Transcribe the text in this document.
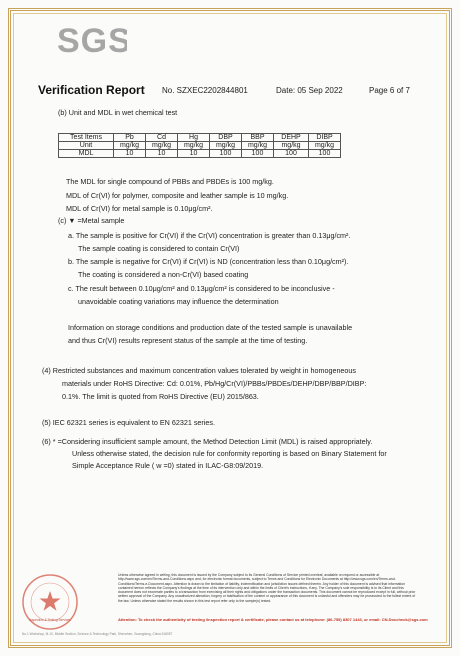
SGS
Verification Report No. SZXEC2202844801	Date: 05 Sep 2022	Page 6 of 7
(b) Unit and MDL in wet chemical test
Test Items	Pb	Cd	Hg	DBP	BBP	DEHP	DIBP
Unit	mg/kg	mg/kg	mg/kg	mg/kg	mg/kg	mg/kg	mg/kg
MDL	10	10	10	100	100	100	100
The MDL for single compound of PBBs and PBDEs is 100 mg/kg.
MDL of Cr(VI) for polymer, composite and leather sample is 10 mg/kg.
MDL of Cr(VI) for metal sample is 0.10μg/cm².
(c) ▼ =Metal sample
a. The sample is positive for Cr(VI) if the Cr(VI) concentration is greater than 0.13μg/cm².
The sample coating is considered to contain Cr(VI)
b. The sample is negative for Cr(VI) if Cr(VI) is ND (concentration less than 0.10μg/cm²).
The coating is considered a non-Cr(VI) based coating
c. The result between 0.10μg/cm² and 0.13μg/cm² is considered to be inconclusive -
unavoidable coating variations may influence the determination
Information on storage conditions and production date of the tested sample is unavailable
and thus Cr(VI) results represent status of the sample at the time of testing.
(4) Restricted substances and maximum concentration values tolerated by weight in homogeneous
materials under RoHS Directive: Cd: 0.01%, Pb/Hg/Cr(VI)/PBBs/PBDEs/DEHP/DBP/BBP/DIBP:
0.1%. The limit is quoted from RoHS Directive (EU) 2015/863.
(5) IEC 62321 series is equivalent to EN 62321 series.
(6) * =Considering insufficient sample amount, the Method Detection Limit (MDL) is raised appropriately.
Unless otherwise stated, the decision rule for conformity reporting is based on Binary Statement for
Simple Acceptance Rule ( w =0) stated in ILAC-G8:09/2019.
Inspection & Testing Services
Unless otherwise agreed in writing, this document is issued by the Company subject to its General Conditions of Service printed overleaf, available on request or accessible at http://www.sgs.com/en/Terms-and-Conditions.aspx and, for electronic format documents, subject to Terms and Conditions for Electronic Documents at http://www.sgs.com/en/Terms-and-Conditions/Terms-e-Document.aspx. Attention is drawn to the limitation of liability, indemnification and jurisdiction issues defined therein. Any holder of this document is advised that information contained hereon reflects the Company's findings at the time of its intervention only and within the limits of Client's instructions, if any. The Company's sole responsibility is to its Client and this document does not exonerate parties to a transaction from exercising all their rights and obligations under the transaction documents. This document cannot be reproduced except in full, without prior written approval of the Company. Any unauthorized alteration, forgery or falsification of the content or appearance of this document is unlawful and offenders may be prosecuted to the fullest extent of the law. Unless otherwise stated the results shown in this test report refer only to the sample(s) tested.
Attention: To check the authenticity of testing /inspection report & certificate, please contact us at telephone: (86-755) 8307 1443, or email: CN.Doccheck@sgs.com
No.1 Workshop, M-10, Middle Section, Science & Technology Park, Shenzhen, Guangdong, China 518057
